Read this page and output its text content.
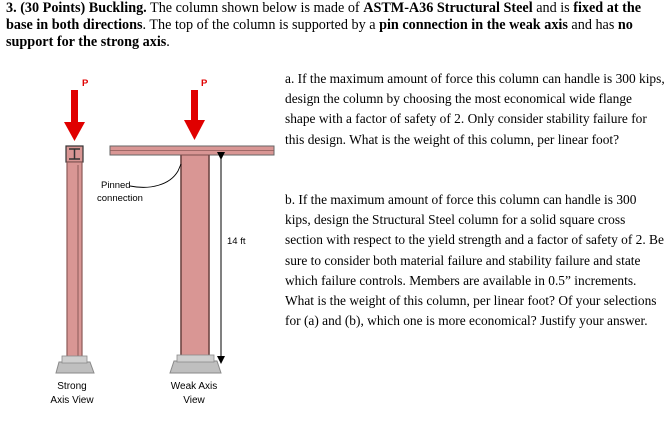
3. (30 Points) Buckling. The column shown below is made of ASTM-A36 Structural Steel and is fixed at the base in both directions. The top of the column is supported by a pin connection in the weak axis and has no support for the strong axis.
P	P
Pinned
connection
14 ft
Strong
Axis View
Weak Axis
View
a. If the maximum amount of force this column can handle is 300 kips, design the column by choosing the most economical wide flange shape with a factor of safety of 2. Only consider stability failure for this design. What is the weight of this column, per linear foot?
b. If the maximum amount of force this column can handle is 300 kips, design the Structural Steel column for a solid square cross section with respect to the yield strength and a factor of safety of 2. Be sure to consider both material failure and stability failure and state which failure controls. Members are available in 0.5” increments. What is the weight of this column, per linear foot? Of your selections for (a) and (b), which one is more economical? Justify your answer.
